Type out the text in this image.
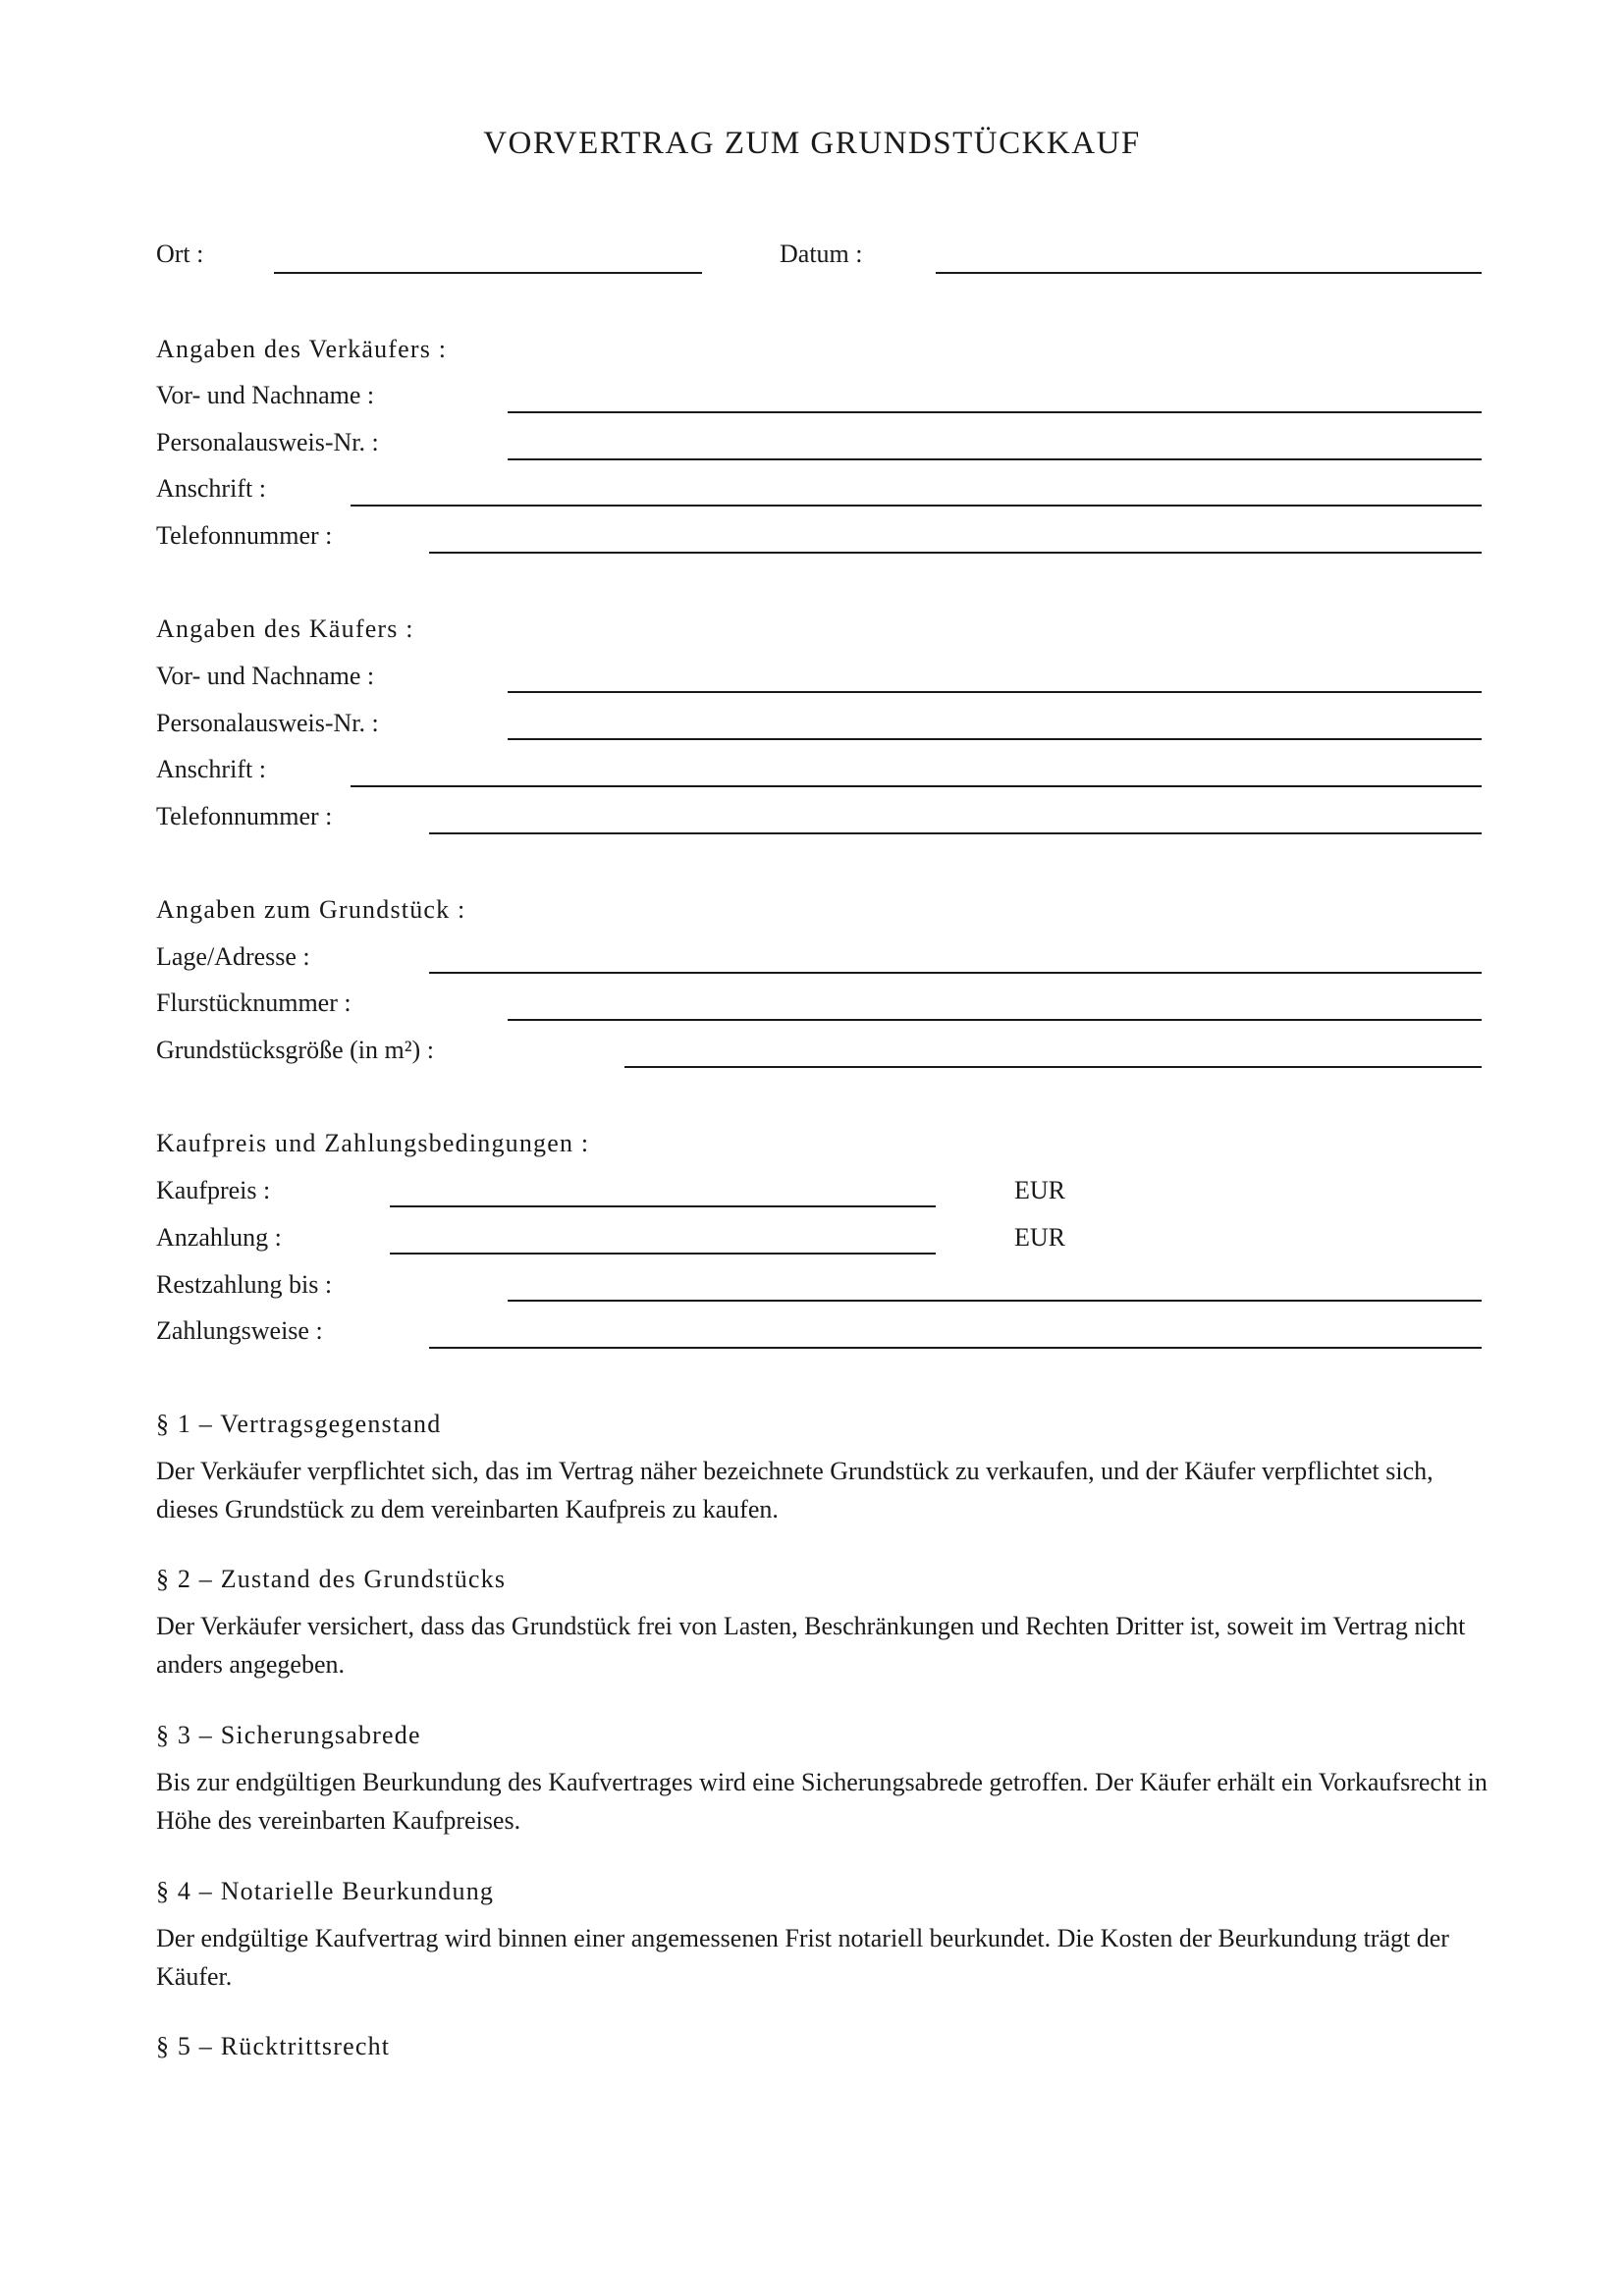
VORVERTRAG ZUM GRUNDSTÜCKKAUF
Ort :	Datum :
Angaben des Verkäufers :
Vor- und Nachname :
Personalausweis-Nr. :
Anschrift :
Telefonnummer :
Angaben des Käufers :
Vor- und Nachname :
Personalausweis-Nr. :
Anschrift :
Telefonnummer :
Angaben zum Grundstück :
Lage/Adresse :
Flurstücknummer :
Grundstücksgröße (in m²) :
Kaufpreis und Zahlungsbedingungen :
Kaufpreis :	EUR
Anzahlung :	EUR
Restzahlung bis :
Zahlungsweise :
§ 1 – Vertragsgegenstand
Der Verkäufer verpflichtet sich, das im Vertrag näher bezeichnete Grundstück zu verkaufen, und der Käufer verpflichtet sich, dieses Grundstück zu dem vereinbarten Kaufpreis zu kaufen.
§ 2 – Zustand des Grundstücks
Der Verkäufer versichert, dass das Grundstück frei von Lasten, Beschränkungen und Rechten Dritter ist, soweit im Vertrag nicht anders angegeben.
§ 3 – Sicherungsabrede
Bis zur endgültigen Beurkundung des Kaufvertrages wird eine Sicherungsabrede getroffen. Der Käufer erhält ein Vorkaufsrecht in Höhe des vereinbarten Kaufpreises.
§ 4 – Notarielle Beurkundung
Der endgültige Kaufvertrag wird binnen einer angemessenen Frist notariell beurkundet. Die Kosten der Beurkundung trägt der Käufer.
§ 5 – Rücktrittsrecht
